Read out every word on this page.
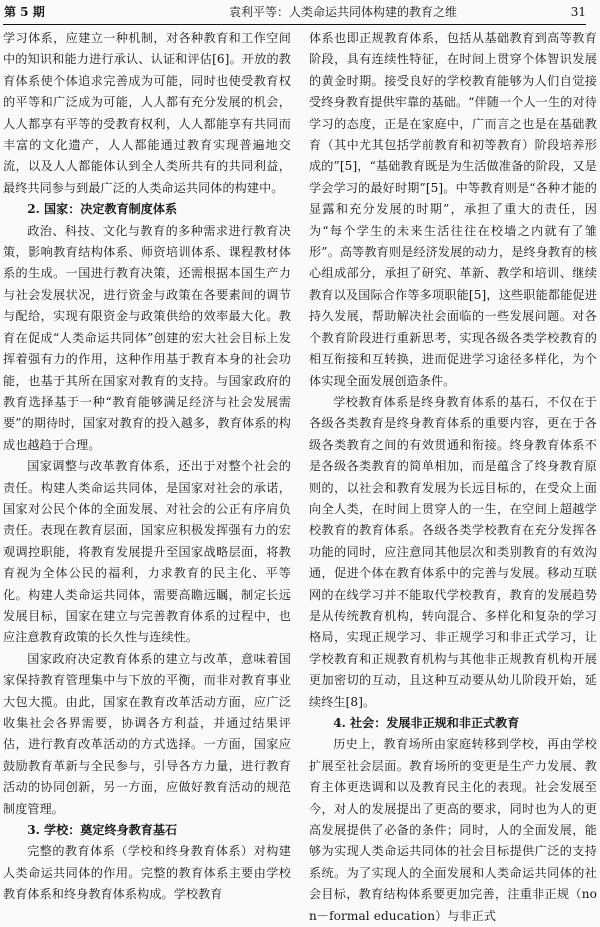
第 5 期	袁利平等：人类命运共同体构建的教育之维	31

学习体系，应建立一种机制，对各种教育和工作空间中的知识和能力进行承认、认证和评估[6]。开放的教育体系使个体追求完善成为可能，同时也使受教育权的平等和广泛成为可能，人人都有充分发展的机会，人人都享有平等的受教育权利，人人都能享有共同而丰富的文化遗产，人人都能通过教育实现普遍地交流，以及人人都能体认到全人类所共有的共同利益，最终共同参与到最广泛的人类命运共同体的构建中。

2. 国家：决定教育制度体系

政治、科技、文化与教育的多种需求进行教育决策，影响教育结构体系、师资培训体系、课程教材体系的生成。一国进行教育决策，还需根据本国生产力与社会发展状况，进行资金与政策在各要素间的调节与配给，实现有限资金与政策供给的效率最大化。教育在促成“人类命运共同体”创建的宏大社会目标上发挥着强有力的作用，这种作用基于教育本身的社会功能，也基于其所在国家对教育的支持。与国家政府的教育选择基于一种“教育能够满足经济与社会发展需要”的期待时，国家对教育的投入越多，教育体系的构成也越趋于合理。

国家调整与改革教育体系，还出于对整个社会的责任。构建人类命运共同体，是国家对社会的承诺，国家对公民个体的全面发展、对社会的公正有序肩负责任。表现在教育层面，国家应积极发挥强有力的宏观调控职能，将教育发展提升至国家战略层面，将教育视为全体公民的福利，力求教育的民主化、平等化。构建人类命运共同体，需要高瞻远瞩，制定长远发展目标，国家在建立与完善教育体系的过程中，也应注意教育政策的长久性与连续性。

国家政府决定教育体系的建立与改革，意味着国家保持教育管理集中与下放的平衡，而非对教育事业大包大揽。由此，国家在教育改革活动方面，应广泛收集社会各界需要，协调各方利益，并通过结果评估，进行教育改革活动的方式选择。一方面，国家应鼓励教育革新与全民参与，引导各方力量，进行教育活动的协同创新，另一方面，应做好教育活动的规范制度管理。

3. 学校：奠定终身教育基石

完整的教育体系（学校和终身教育体系）对构建人类命运共同体的作用。完整的教育体系主要由学校教育体系和终身教育体系构成。学校教育

体系也即正规教育体系，包括从基础教育到高等教育阶段，具有连续性特征，在时间上贯穿个体智识发展的黄金时期。接受良好的学校教育能够为人们自觉接受终身教育提供牢靠的基础。“伴随一个人一生的对待学习的态度，正是在家庭中，广而言之也是在基础教育（其中尤其包括学前教育和初等教育）阶段培养形成的”[5]，“基础教育既是为生活做准备的阶段，又是学会学习的最好时期”[5]。中等教育则是“各种才能的显露和充分发展的时期”，承担了重大的责任，因为“每个学生的未来生活往往在校墙之内就有了雏形”。高等教育则是经济发展的动力，是终身教育的核心组成部分，承担了研究、革新、教学和培训、继续教育以及国际合作等多项职能[5]，这些职能都能促进持久发展，帮助解决社会面临的一些发展问题。对各个教育阶段进行重新思考，实现各级各类学校教育的相互衔接和互转换，进而促进学习途径多样化，为个体实现全面发展创造条件。

学校教育体系是终身教育体系的基石，不仅在于各级各类教育是终身教育体系的重要内容，更在于各级各类教育之间的有效贯通和衔接。终身教育体系不是各级各类教育的简单相加，而是蕴含了终身教育原则的，以社会和教育发展为长远目标的，在受众上面向全人类，在时间上贯穿人的一生，在空间上超越学校教育的教育体系。各级各类学校教育在充分发挥各功能的同时，应注意同其他层次和类别教育的有效沟通，促进个体在教育体系中的完善与发展。移动互联网的在线学习并不能取代学校教育，教育的发展趋势是从传统教育机构，转向混合、多样化和复杂的学习格局，实现正规学习、非正规学习和非正式学习，让学校教育和正规教育机构与其他非正规教育机构开展更加密切的互动，且这种互动要从幼儿阶段开始，延续终生[8]。

4. 社会：发展非正规和非正式教育

历史上，教育场所由家庭转移到学校，再由学校扩展至社会层面。教育场所的变更是生产力发展、教育主体更迭调和以及教育民主化的表现。社会发展至今，对人的发展提出了更高的要求，同时也为人的更高发展提供了必备的条件；同时，人的全面发展，能够为实现人类命运共同体的社会目标提供广泛的支持系统。为了实现人的全面发展和人类命运共同体的社会目标，教育结构体系要更加完善，注重非正规（non－formal education）与非正式
